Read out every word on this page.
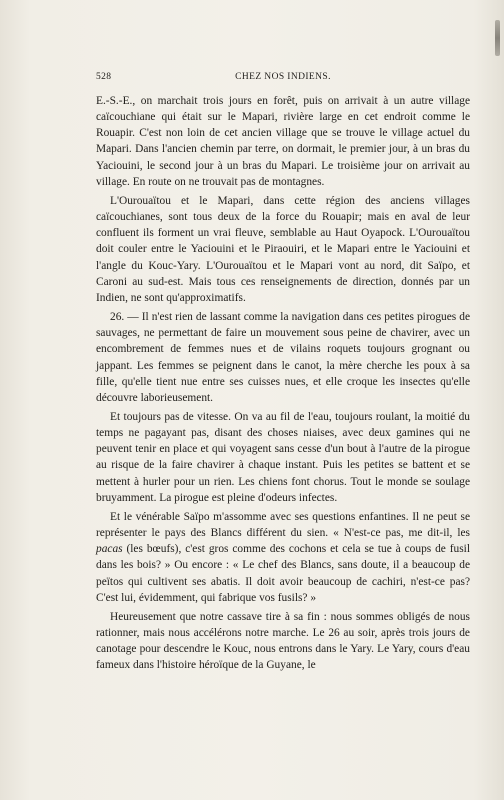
528	CHEZ NOS INDIENS.

E.-S.-E., on marchait trois jours en forêt, puis on arrivait à un autre village caïcouchiane qui était sur le Mapari, rivière large en cet endroit comme le Rouapir. C'est non loin de cet ancien village que se trouve le village actuel du Mapari. Dans l'ancien chemin par terre, on dormait, le premier jour, à un bras du Yaciouini, le second jour à un bras du Mapari. Le troisième jour on arrivait au village. En route on ne trouvait pas de montagnes.

L'Ourouaïtou et le Mapari, dans cette région des anciens villages caïcouchianes, sont tous deux de la force du Rouapir; mais en aval de leur confluent ils forment un vrai fleuve, semblable au Haut Oyapock. L'Ourouaïtou doit couler entre le Yaciouini et le Piraouiri, et le Mapari entre le Yaciouini et l'angle du Kouc-Yary. L'Ourouaïtou et le Mapari vont au nord, dit Saïpo, et Caroni au sud-est. Mais tous ces renseignements de direction, donnés par un Indien, ne sont qu'approximatifs.

26. — Il n'est rien de lassant comme la navigation dans ces petites pirogues de sauvages, ne permettant de faire un mouvement sous peine de chavirer, avec un encombrement de femmes nues et de vilains roquets toujours grognant ou jappant. Les femmes se peignent dans le canot, la mère cherche les poux à sa fille, qu'elle tient nue entre ses cuisses nues, et elle croque les insectes qu'elle découvre laborieusement.

Et toujours pas de vitesse. On va au fil de l'eau, toujours roulant, la moitié du temps ne pagayant pas, disant des choses niaises, avec deux gamines qui ne peuvent tenir en place et qui voyagent sans cesse d'un bout à l'autre de la pirogue au risque de la faire chavirer à chaque instant. Puis les petites se battent et se mettent à hurler pour un rien. Les chiens font chorus. Tout le monde se soulage bruyamment. La pirogue est pleine d'odeurs infectes.

Et le vénérable Saïpo m'assomme avec ses questions enfantines. Il ne peut se représenter le pays des Blancs différent du sien. « N'est-ce pas, me dit-il, les pacas (les bœufs), c'est gros comme des cochons et cela se tue à coups de fusil dans les bois? » Ou encore : « Le chef des Blancs, sans doute, il a beaucoup de peïtos qui cultivent ses abatis. Il doit avoir beaucoup de cachiri, n'est-ce pas? C'est lui, évidemment, qui fabrique vos fusils? »

Heureusement que notre cassave tire à sa fin : nous sommes obligés de nous rationner, mais nous accélérons notre marche. Le 26 au soir, après trois jours de canotage pour descendre le Kouc, nous entrons dans le Yary. Le Yary, cours d'eau fameux dans l'histoire héroïque de la Guyane, le
